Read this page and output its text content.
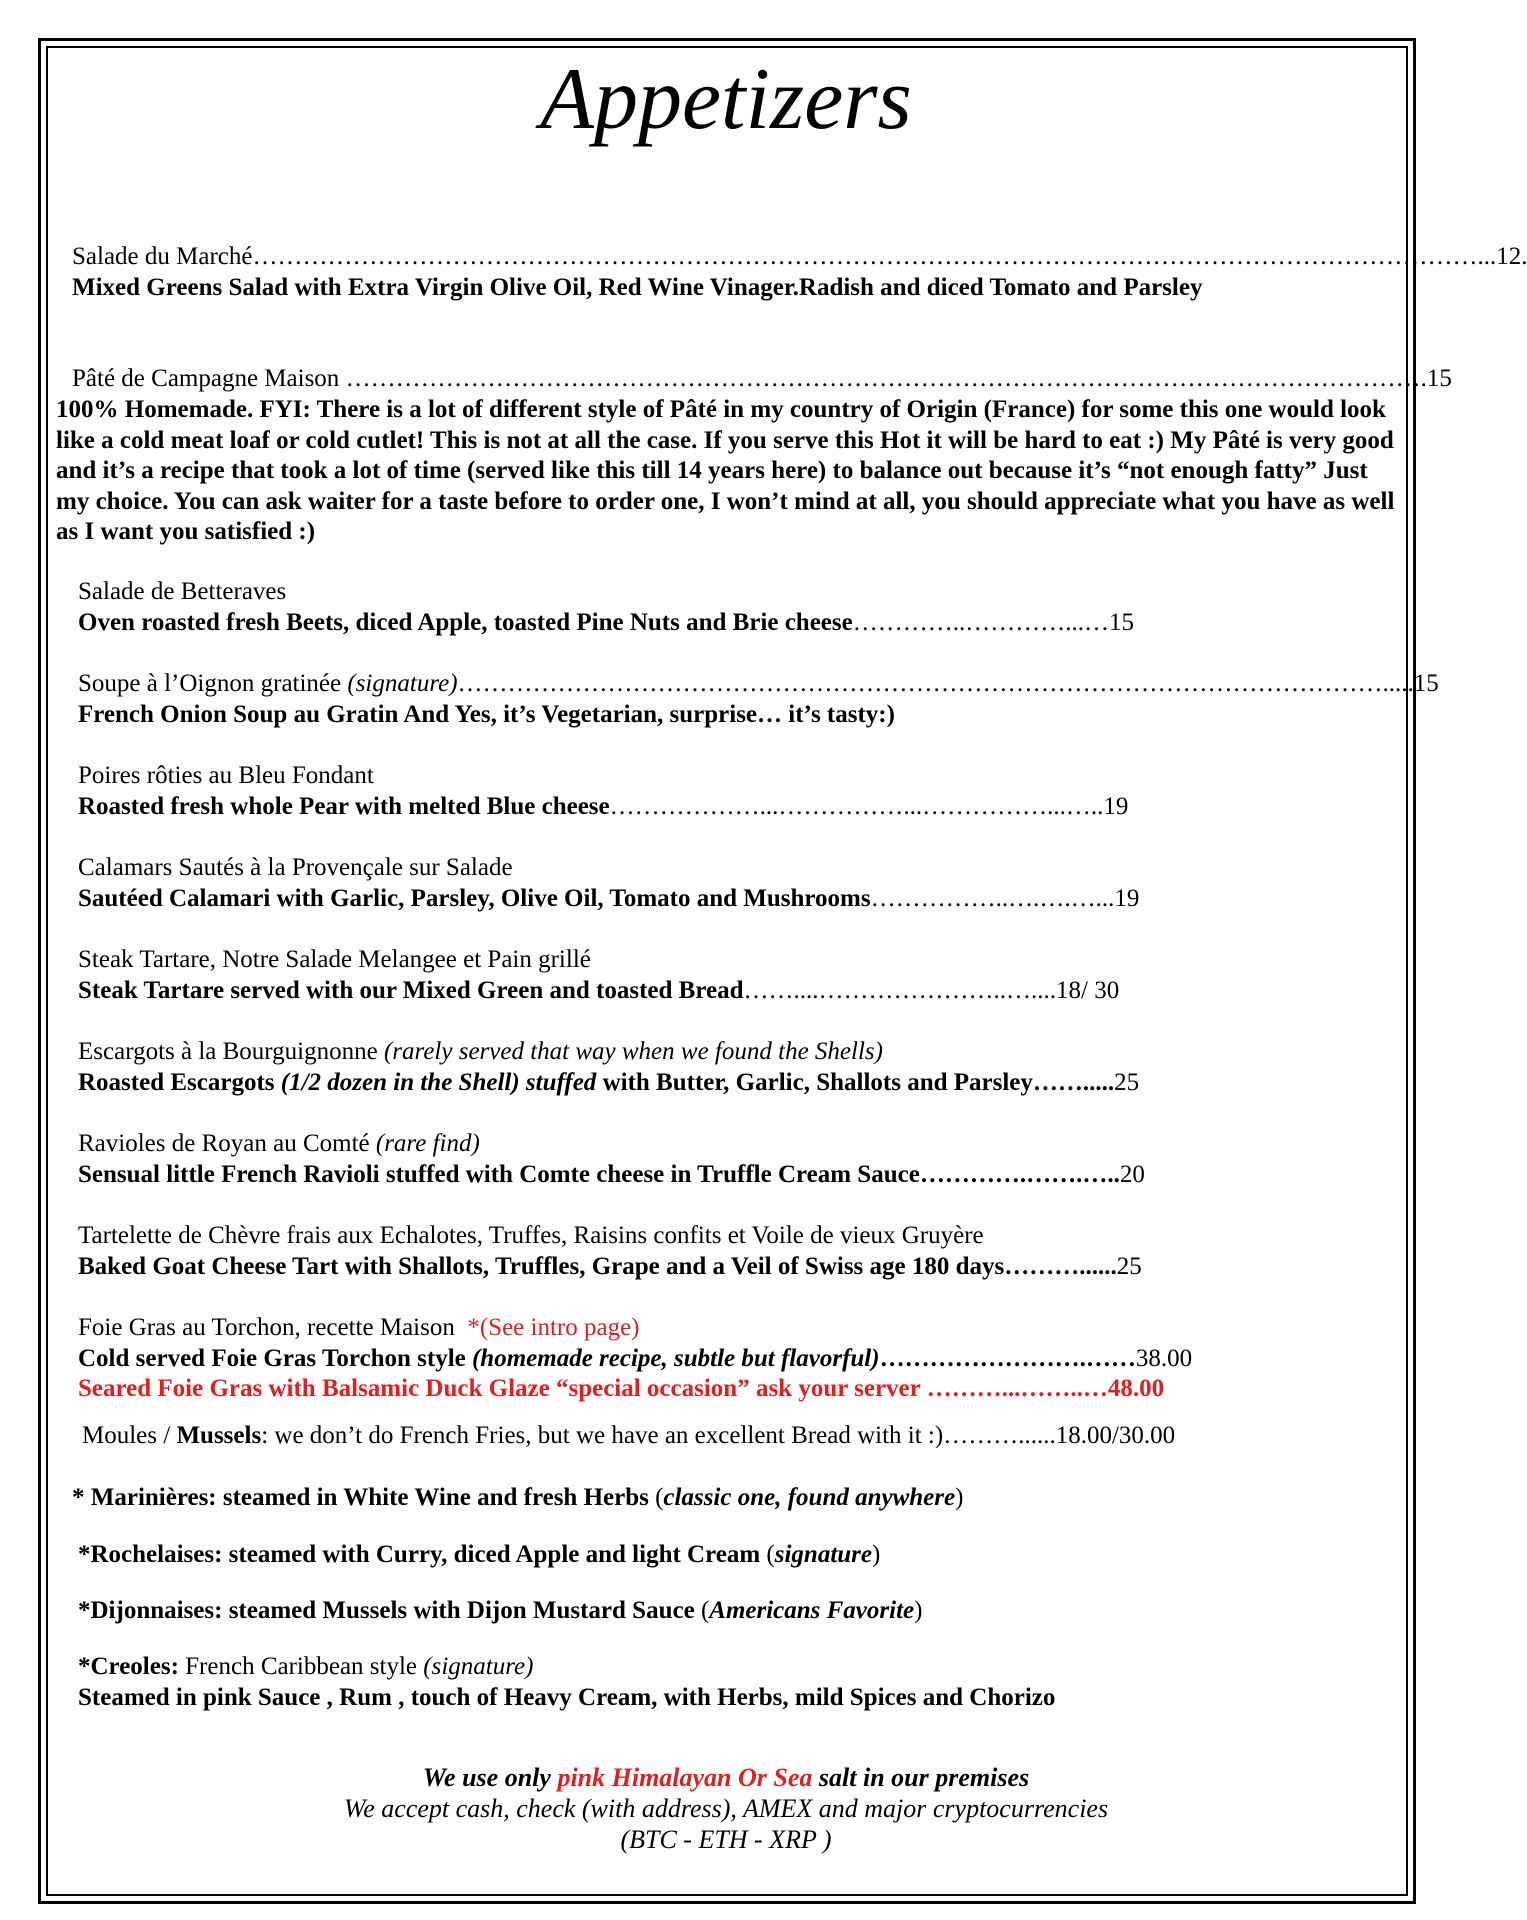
Appetizers
Salade du Marché…………………………………………………………………………………………………………………………………...12.
Mixed Greens Salad with Extra Virgin Olive Oil, Red Wine Vinager.Radish and diced Tomato and Parsley
Pâté de Campagne Maison ………………………………………………………………………………………………………………….15
100% Homemade. FYI: There is a lot of different style of Pâté in my country of Origin (France) for some this one would look like a cold meat loaf or cold cutlet! This is not at all the case. If you serve this Hot it will be hard to eat :) My Pâté is very good and it’s a recipe that took a lot of time (served like this till 14 years here) to balance out because it’s “not enough fatty” Just my choice. You can ask waiter for a taste before to order one, I won’t mind at all, you should appreciate what you have as well as I want you satisfied :)
Salade de Betteraves
Oven roasted fresh Beets, diced Apple, toasted Pine Nuts and Brie cheese…………..…………...…15
Soupe à l’Oignon gratinée (signature)………………………………………………………………………………………………….....15
French Onion Soup au Gratin And Yes, it’s Vegetarian, surprise… it’s tasty:)
Poires rôties au Bleu Fondant
Roasted fresh whole Pear with melted Blue cheese………………...……………...……………...…..19
Calamars Sautés à la Provençale sur Salade
Sautéed Calamari with Garlic, Parsley, Olive Oil, Tomato and Mushrooms……………..….….…...19
Steak Tartare, Notre Salade Melangee et Pain grillé
Steak Tartare served with our Mixed Green and toasted Bread……....…………………..…....18/ 30
Escargots à la Bourguignonne (rarely served that way when we found the Shells)
Roasted Escargots (1/2 dozen in the Shell) stuffed with Butter, Garlic, Shallots and Parsley…….....25
Ravioles de Royan au Comté (rare find)
Sensual little French Ravioli stuffed with Comte cheese in Truffle Cream Sauce………….…….…..20
Tartelette de Chèvre frais aux Echalotes, Truffes, Raisins confits et Voile de vieux Gruyère
Baked Goat Cheese Tart with Shallots, Truffles, Grape and a Veil of Swiss age 180 days………......25
Foie Gras au Torchon, recette Maison *(See intro page)
Cold served Foie Gras Torchon style (homemade recipe, subtle but flavorful)…………………….……38.00
Seared Foie Gras with Balsamic Duck Glaze “special occasion” ask your server ………...……..…48.00
Moules / Mussels: we don’t do French Fries, but we have an excellent Bread with it :)………......18.00/30.00
* Marinières: steamed in White Wine and fresh Herbs (classic one, found anywhere)
*Rochelaises: steamed with Curry, diced Apple and light Cream (signature)
*Dijonnaises: steamed Mussels with Dijon Mustard Sauce (Americans Favorite)
*Creoles: French Caribbean style (signature)
Steamed in pink Sauce , Rum , touch of Heavy Cream, with Herbs, mild Spices and Chorizo
We use only pink Himalayan Or Sea salt in our premises
We accept cash, check (with address), AMEX and major cryptocurrencies
(BTC - ETH - XRP )
